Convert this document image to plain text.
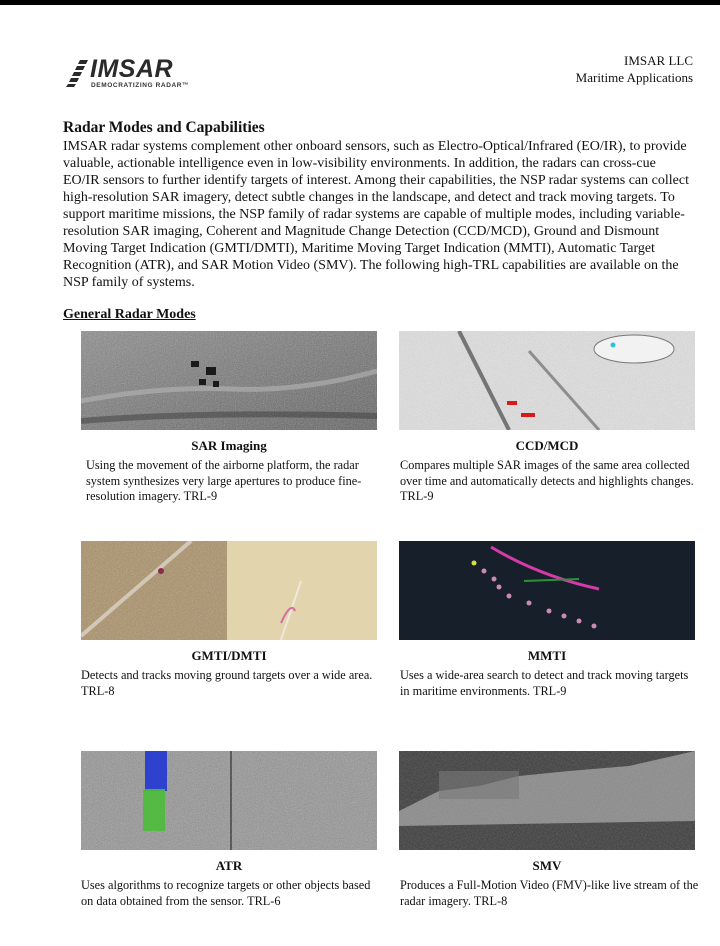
IMSAR
DEMOCRATIZING RADAR™
IMSAR LLC
Maritime Applications
Radar Modes and Capabilities
IMSAR radar systems complement other onboard sensors, such as Electro-Optical/Infrared (EO/IR), to provide valuable, actionable intelligence even in low-visibility environments. In addition, the radars can cross-cue EO/IR sensors to further identify targets of interest. Among their capabilities, the NSP radar systems can collect high-resolution SAR imagery, detect subtle changes in the landscape, and detect and track moving targets. To support maritime missions, the NSP family of radar systems are capable of multiple modes, including variable-resolution SAR imaging, Coherent and Magnitude Change Detection (CCD/MCD), Ground and Dismount Moving Target Indication (GMTI/DMTI), Maritime Moving Target Indication (MMTI), Automatic Target Recognition (ATR), and SAR Motion Video (SMV). The following high-TRL capabilities are available on the NSP family of systems.
General Radar Modes
SAR Imaging
Using the movement of the airborne platform, the radar system synthesizes very large apertures to produce fine-resolution imagery. TRL-9
CCD/MCD
Compares multiple SAR images of the same area collected over time and automatically detects and highlights changes. TRL-9
GMTI/DMTI
Detects and tracks moving ground targets over a wide area. TRL-8
MMTI
Uses a wide-area search to detect and track moving targets in maritime environments. TRL-9
ATR
Uses algorithms to recognize targets or other objects based on data obtained from the sensor. TRL-6
SMV
Produces a Full-Motion Video (FMV)-like live stream of the radar imagery. TRL-8
